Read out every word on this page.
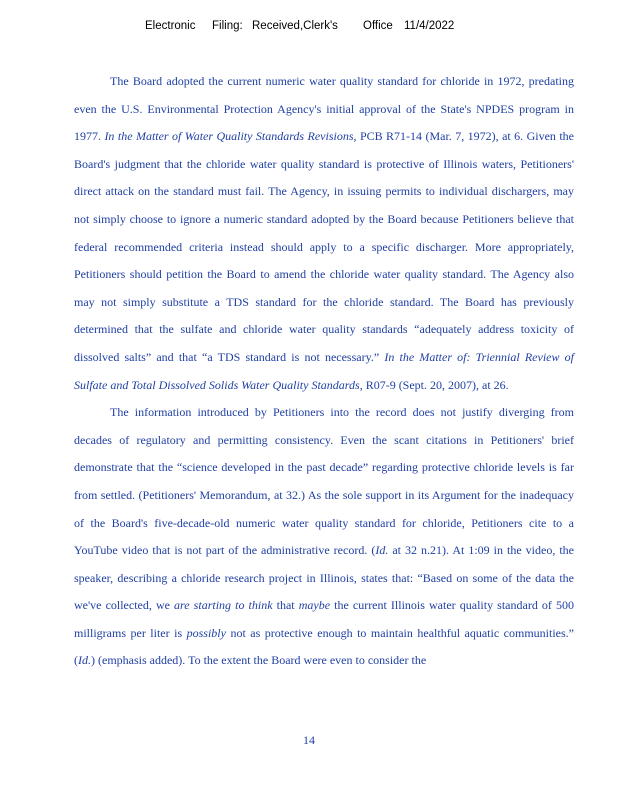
Electronic Filing: Received,Clerk's Office 11/4/2022

The Board adopted the current numeric water quality standard for chloride in 1972, predating even the U.S. Environmental Protection Agency's initial approval of the State's NPDES program in 1977. In the Matter of Water Quality Standards Revisions, PCB R71-14 (Mar. 7, 1972), at 6. Given the Board's judgment that the chloride water quality standard is protective of Illinois waters, Petitioners' direct attack on the standard must fail. The Agency, in issuing permits to individual dischargers, may not simply choose to ignore a numeric standard adopted by the Board because Petitioners believe that federal recommended criteria instead should apply to a specific discharger. More appropriately, Petitioners should petition the Board to amend the chloride water quality standard. The Agency also may not simply substitute a TDS standard for the chloride standard. The Board has previously determined that the sulfate and chloride water quality standards “adequately address toxicity of dissolved salts” and that “a TDS standard is not necessary.” In the Matter of: Triennial Review of Sulfate and Total Dissolved Solids Water Quality Standards, R07-9 (Sept. 20, 2007), at 26.

The information introduced by Petitioners into the record does not justify diverging from decades of regulatory and permitting consistency. Even the scant citations in Petitioners' brief demonstrate that the “science developed in the past decade” regarding protective chloride levels is far from settled. (Petitioners' Memorandum, at 32.) As the sole support in its Argument for the inadequacy of the Board's five-decade-old numeric water quality standard for chloride, Petitioners cite to a YouTube video that is not part of the administrative record. (Id. at 32 n.21). At 1:09 in the video, the speaker, describing a chloride research project in Illinois, states that: “Based on some of the data the we've collected, we are starting to think that maybe the current Illinois water quality standard of 500 milligrams per liter is possibly not as protective enough to maintain healthful aquatic communities.” (Id.) (emphasis added). To the extent the Board were even to consider the

14
